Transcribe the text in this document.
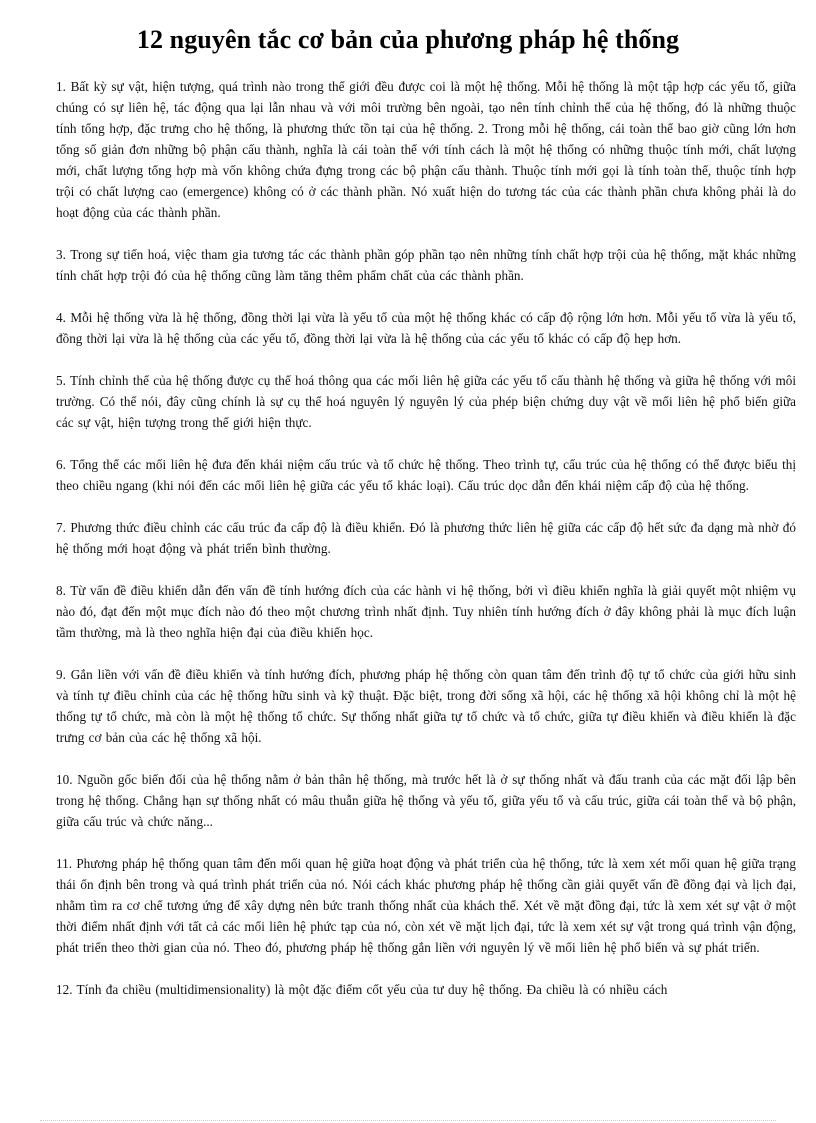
12 nguyên tắc cơ bản của phương pháp hệ thống

1. Bất kỳ sự vật, hiện tượng, quá trình nào trong thế giới đều được coi là một hệ thống. Mỗi hệ thống là một tập hợp các yếu tố, giữa chúng có sự liên hệ, tác động qua lại lẫn nhau và với môi trường bên ngoài, tạo nên tính chỉnh thể của hệ thống, đó là những thuộc tính tổng hợp, đặc trưng cho hệ thống, là phương thức tồn tại của hệ thống. 2. Trong mỗi hệ thống, cái toàn thể bao giờ cũng lớn hơn tổng số giản đơn những bộ phận cấu thành, nghĩa là cái toàn thể với tính cách là một hệ thống có những thuộc tính mới, chất lượng mới, chất lượng tổng hợp mà vốn không chứa đựng trong các bộ phận cấu thành. Thuộc tính mới gọi là tính toàn thể, thuộc tính hợp trội có chất lượng cao (emergence) không có ở các thành phần. Nó xuất hiện do tương tác của các thành phần chưa không phải là do hoạt động của các thành phần.

3. Trong sự tiến hoá, việc tham gia tương tác các thành phần góp phần tạo nên những tính chất hợp trội của hệ thống, mặt khác những tính chất hợp trội đó của hệ thống cũng làm tăng thêm phẩm chất của các thành phần.

4. Mỗi hệ thống vừa là hệ thống, đồng thời lại vừa là yếu tố của một hệ thống khác có cấp độ rộng lớn hơn. Mỗi yếu tố vừa là yếu tố, đồng thời lại vừa là hệ thống của các yếu tố, đồng thời lại vừa là hệ thống của các yếu tố khác có cấp độ hẹp hơn.

5. Tính chỉnh thể của hệ thống được cụ thể hoá thông qua các mối liên hệ giữa các yếu tố cấu thành hệ thống và giữa hệ thống với môi trường. Có thể nói, đây cũng chính là sự cụ thể hoá nguyên lý nguyên lý của phép biện chứng duy vật về mối liên hệ phổ biến giữa các sự vật, hiện tượng trong thế giới hiện thực.

6. Tổng thể các mối liên hệ đưa đến khái niệm cấu trúc và tổ chức hệ thống. Theo trình tự, cấu trúc của hệ thống có thể được biểu thị theo chiều ngang (khi nói đến các mối liên hệ giữa các yếu tố khác loại). Cấu trúc dọc dẫn đến khái niệm cấp độ của hệ thống.

7. Phương thức điều chỉnh các cấu trúc đa cấp độ là điều khiển. Đó là phương thức liên hệ giữa các cấp độ hết sức đa dạng mà nhờ đó hệ thống mới hoạt động và phát triển bình thường.

8. Từ vấn đề điều khiển dẫn đến vấn đề tính hướng đích của các hành vi hệ thống, bởi vì điều khiển nghĩa là giải quyết một nhiệm vụ nào đó, đạt đến một mục đích nào đó theo một chương trình nhất định. Tuy nhiên tính hướng đích ở đây không phải là mục đích luận tầm thường, mà là theo nghĩa hiện đại của điều khiển học.

9. Gắn liền với vấn đề điều khiển và tính hướng đích, phương pháp hệ thống còn quan tâm đến trình độ tự tổ chức của giới hữu sinh và tính tự điều chỉnh của các hệ thống hữu sinh và kỹ thuật. Đặc biệt, trong đời sống xã hội, các hệ thống xã hội không chỉ là một hệ thống tự tổ chức, mà còn là một hệ thống tổ chức. Sự thống nhất giữa tự tổ chức và tổ chức, giữa tự điều khiển và điều khiển là đặc trưng cơ bản của các hệ thống xã hội.

10. Nguồn gốc biến đổi của hệ thống nằm ở bản thân hệ thống, mà trước hết là ở sự thống nhất và đấu tranh của các mặt đối lập bên trong hệ thống. Chẳng hạn sự thống nhất có mâu thuẫn giữa hệ thống và yếu tố, giữa yếu tố và cấu trúc, giữa cái toàn thể và bộ phận, giữa cấu trúc và chức năng...

11. Phương pháp hệ thống quan tâm đến mối quan hệ giữa hoạt động và phát triển của hệ thống, tức là xem xét mối quan hệ giữa trạng thái ổn định bên trong và quá trình phát triển của nó. Nói cách khác phương pháp hệ thống cần giải quyết vấn đề đồng đại và lịch đại, nhằm tìm ra cơ chế tương ứng để xây dựng nên bức tranh thống nhất của khách thể. Xét về mặt đồng đại, tức là xem xét sự vật ở một thời điểm nhất định với tất cả các mối liên hệ phức tạp của nó, còn xét về mặt lịch đại, tức là xem xét sự vật trong quá trình vận động, phát triển theo thời gian của nó. Theo đó, phương pháp hệ thống gắn liền với nguyên lý về mối liên hệ phổ biến và sự phát triển.

12. Tính đa chiều (multidimensionality) là một đặc điểm cốt yếu của tư duy hệ thống. Đa chiều là có nhiều cách
